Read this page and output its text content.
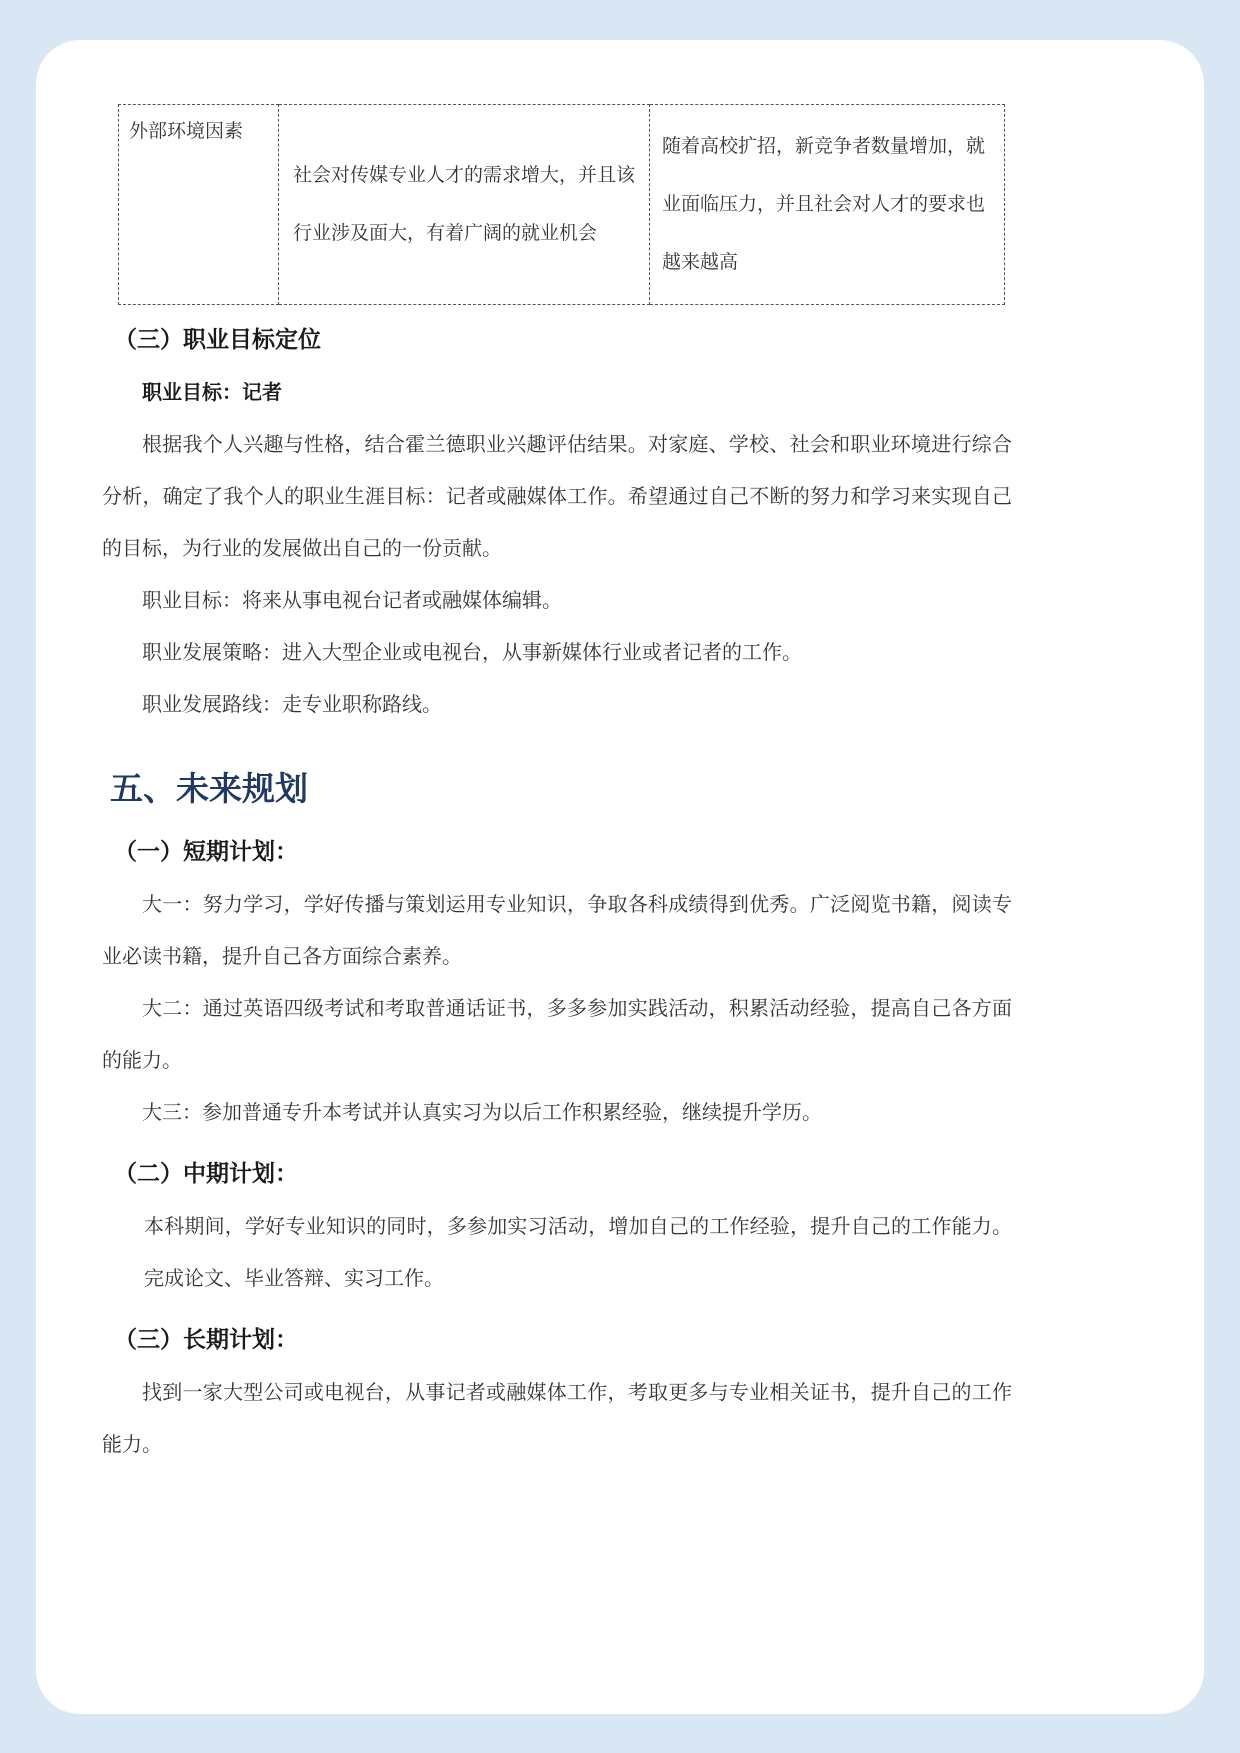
外部环境因素	社会对传媒专业人才的需求增大，并且该行业涉及面大，有着广阔的就业机会	随着高校扩招，新竞争者数量增加，就业面临压力，并且社会对人才的要求也越来越高
（三）职业目标定位

职业目标：记者

根据我个人兴趣与性格，结合霍兰德职业兴趣评估结果。对家庭、学校、社会和职业环境进行综合分析，确定了我个人的职业生涯目标：记者或融媒体工作。希望通过自己不断的努力和学习来实现自己的目标，为行业的发展做出自己的一份贡献。

职业目标：将来从事电视台记者或融媒体编辑。

职业发展策略：进入大型企业或电视台，从事新媒体行业或者记者的工作。

职业发展路线：走专业职称路线。

五、未来规划
（一）短期计划：

大一：努力学习，学好传播与策划运用专业知识，争取各科成绩得到优秀。广泛阅览书籍，阅读专业必读书籍，提升自己各方面综合素养。

大二：通过英语四级考试和考取普通话证书，多多参加实践活动，积累活动经验，提高自己各方面的能力。

大三：参加普通专升本考试并认真实习为以后工作积累经验，继续提升学历。

（二）中期计划：

本科期间，学好专业知识的同时，多参加实习活动，增加自己的工作经验，提升自己的工作能力。完成论文、毕业答辩、实习工作。

（三）长期计划：

找到一家大型公司或电视台，从事记者或融媒体工作，考取更多与专业相关证书，提升自己的工作能力。
